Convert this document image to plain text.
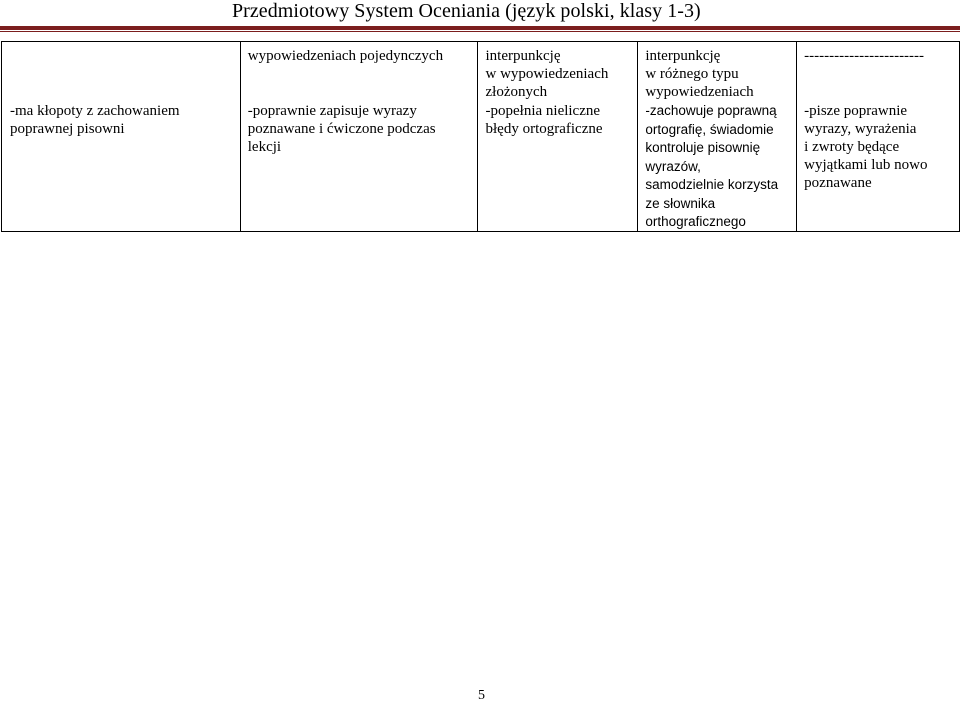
Przedmiotowy System Oceniania (język polski, klasy 1-3)
-ma kłopoty z zachowaniem
poprawnej pisowni

wypowiedzeniach pojedynczych
-poprawnie zapisuje wyrazy
poznawane i ćwiczone podczas
lekcji

interpunkcję
w wypowiedzeniach
złożonych
-popełnia nieliczne
błędy ortograficzne

interpunkcję
w różnego typu
wypowiedzeniach
-zachowuje poprawną
ortografię, świadomie
kontroluje pisownię
wyrazów,
samodzielnie korzysta
ze słownika
orthograficznego

------------------------
-pisze poprawnie
wyrazy, wyrażenia
i zwroty będące
wyjątkami lub nowo
poznawane
5
